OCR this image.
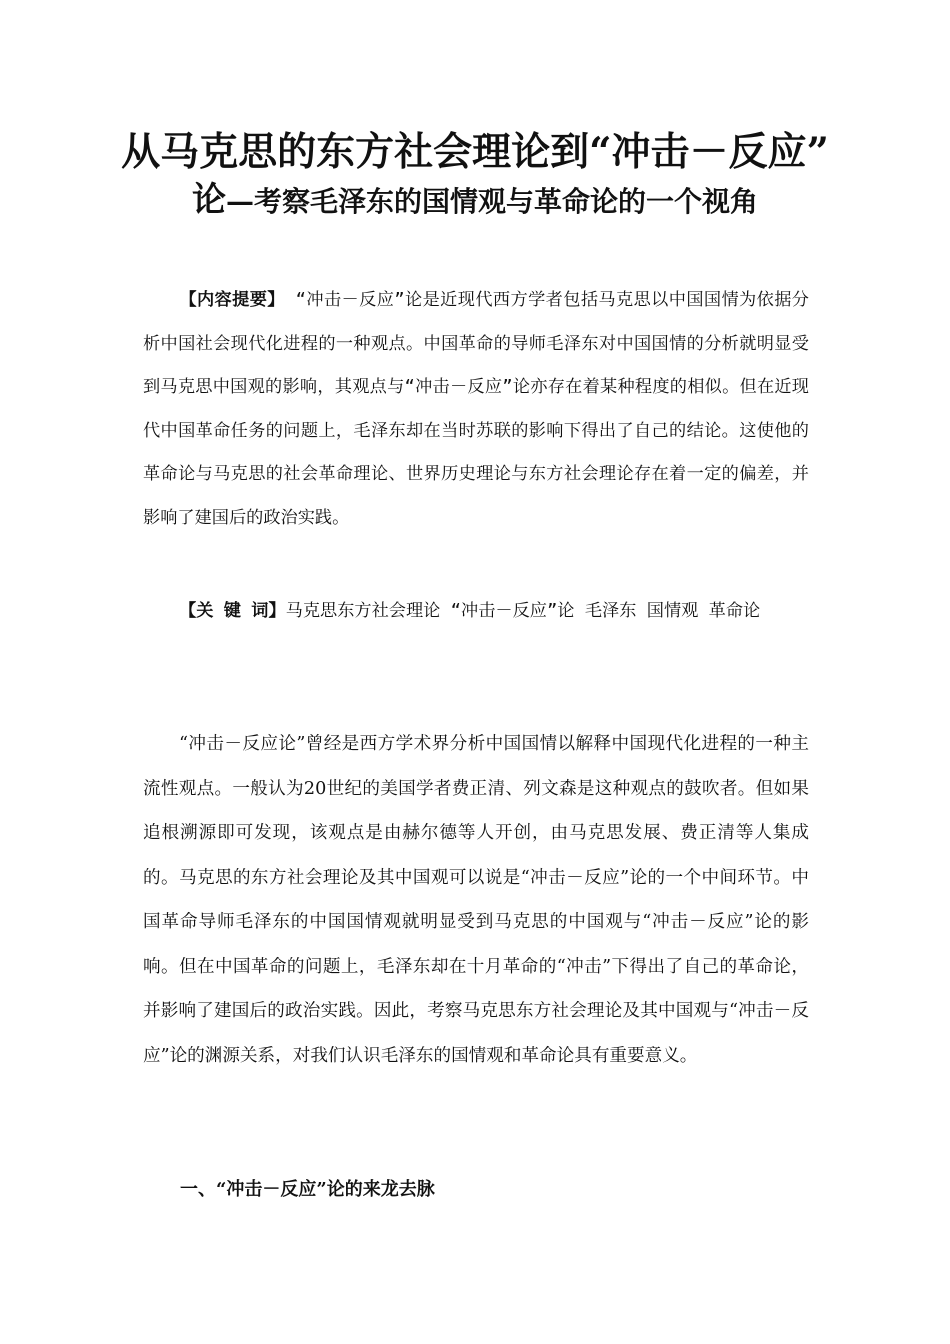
从马克思的东方社会理论到“冲击－反应”
论—考察毛泽东的国情观与革命论的一个视角
【内容提要】 “冲击－反应”论是近现代西方学者包括马克思以中国国情为依据分析中国社会现代化进程的一种观点。中国革命的导师毛泽东对中国国情的分析就明显受到马克思中国观的影响，其观点与“冲击－反应”论亦存在着某种程度的相似。但在近现代中国革命任务的问题上，毛泽东却在当时苏联的影响下得出了自己的结论。这使他的革命论与马克思的社会革命理论、世界历史理论与东方社会理论存在着一定的偏差，并影响了建国后的政治实践。
【关 键 词】马克思东方社会理论 “冲击－反应”论 毛泽东 国情观 革命论
“冲击－反应论”曾经是西方学术界分析中国国情以解释中国现代化进程的一种主流性观点。一般认为20世纪的美国学者费正清、列文森是这种观点的鼓吹者。但如果追根溯源即可发现，该观点是由赫尔德等人开创，由马克思发展、费正清等人集成的。马克思的东方社会理论及其中国观可以说是“冲击－反应”论的一个中间环节。中国革命导师毛泽东的中国国情观就明显受到马克思的中国观与“冲击－反应”论的影响。但在中国革命的问题上，毛泽东却在十月革命的“冲击”下得出了自己的革命论，并影响了建国后的政治实践。因此，考察马克思东方社会理论及其中国观与“冲击－反应”论的渊源关系，对我们认识毛泽东的国情观和革命论具有重要意义。
一、“冲击－反应”论的来龙去脉
